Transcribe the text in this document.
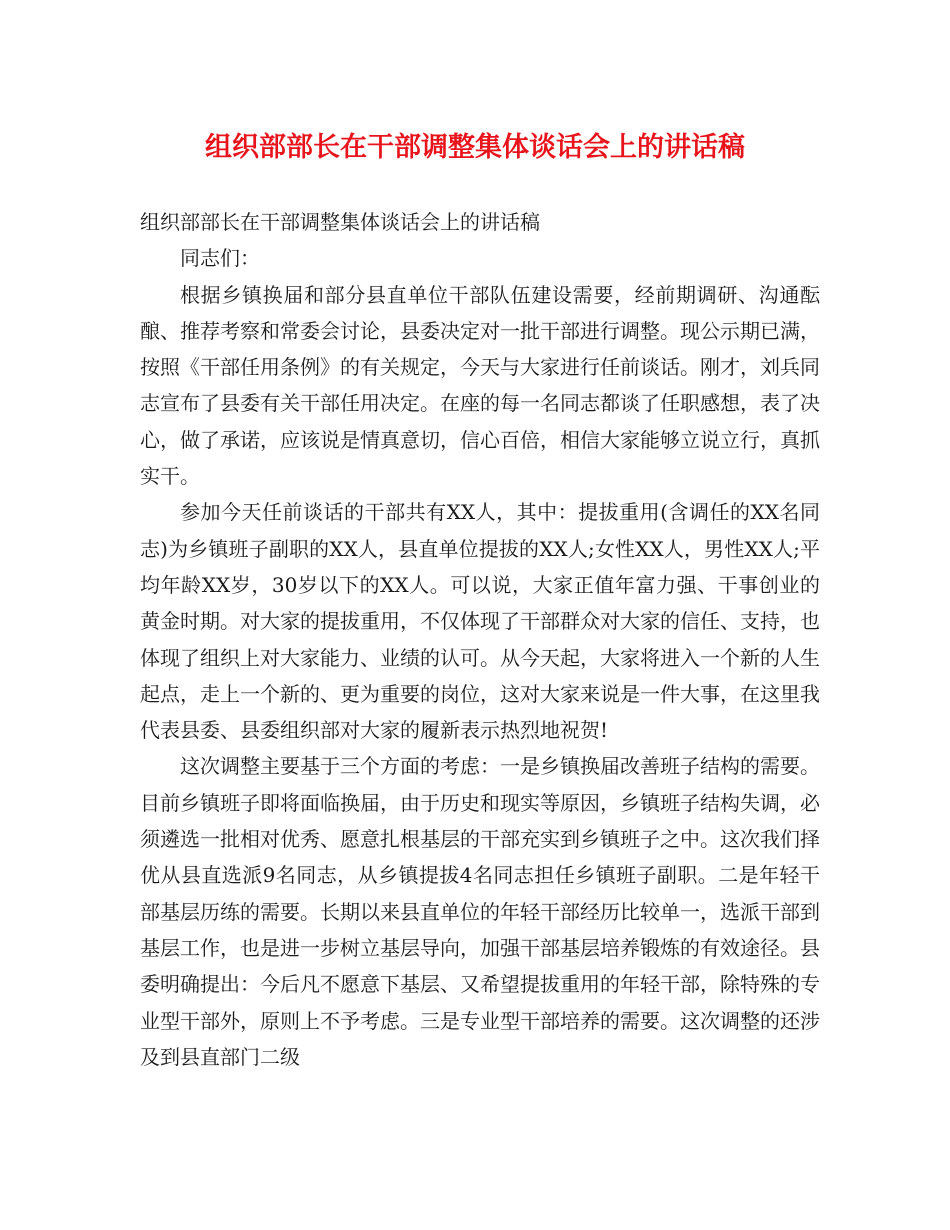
组织部部长在干部调整集体谈话会上的讲话稿

组织部部长在干部调整集体谈话会上的讲话稿

同志们：

根据乡镇换届和部分县直单位干部队伍建设需要，经前期调研、沟通酝酿、推荐考察和常委会讨论，县委决定对一批干部进行调整。现公示期已满，按照《干部任用条例》的有关规定，今天与大家进行任前谈话。刚才，刘兵同志宣布了县委有关干部任用决定。在座的每一名同志都谈了任职感想，表了决心，做了承诺，应该说是情真意切，信心百倍，相信大家能够立说立行，真抓实干。

参加今天任前谈话的干部共有XX人，其中：提拔重用(含调任的XX名同志)为乡镇班子副职的XX人，县直单位提拔的XX人;女性XX人，男性XX人;平均年龄XX岁，30岁以下的XX人。可以说，大家正值年富力强、干事创业的黄金时期。对大家的提拔重用，不仅体现了干部群众对大家的信任、支持，也体现了组织上对大家能力、业绩的认可。从今天起，大家将进入一个新的人生起点，走上一个新的、更为重要的岗位，这对大家来说是一件大事，在这里我代表县委、县委组织部对大家的履新表示热烈地祝贺!

这次调整主要基于三个方面的考虑：一是乡镇换届改善班子结构的需要。目前乡镇班子即将面临换届，由于历史和现实等原因，乡镇班子结构失调，必须遴选一批相对优秀、愿意扎根基层的干部充实到乡镇班子之中。这次我们择优从县直选派9名同志，从乡镇提拔4名同志担任乡镇班子副职。二是年轻干部基层历练的需要。长期以来县直单位的年轻干部经历比较单一，选派干部到基层工作，也是进一步树立基层导向，加强干部基层培养锻炼的有效途径。县委明确提出：今后凡不愿意下基层、又希望提拔重用的年轻干部，除特殊的专业型干部外，原则上不予考虑。三是专业型干部培养的需要。这次调整的还涉及到县直部门二级
